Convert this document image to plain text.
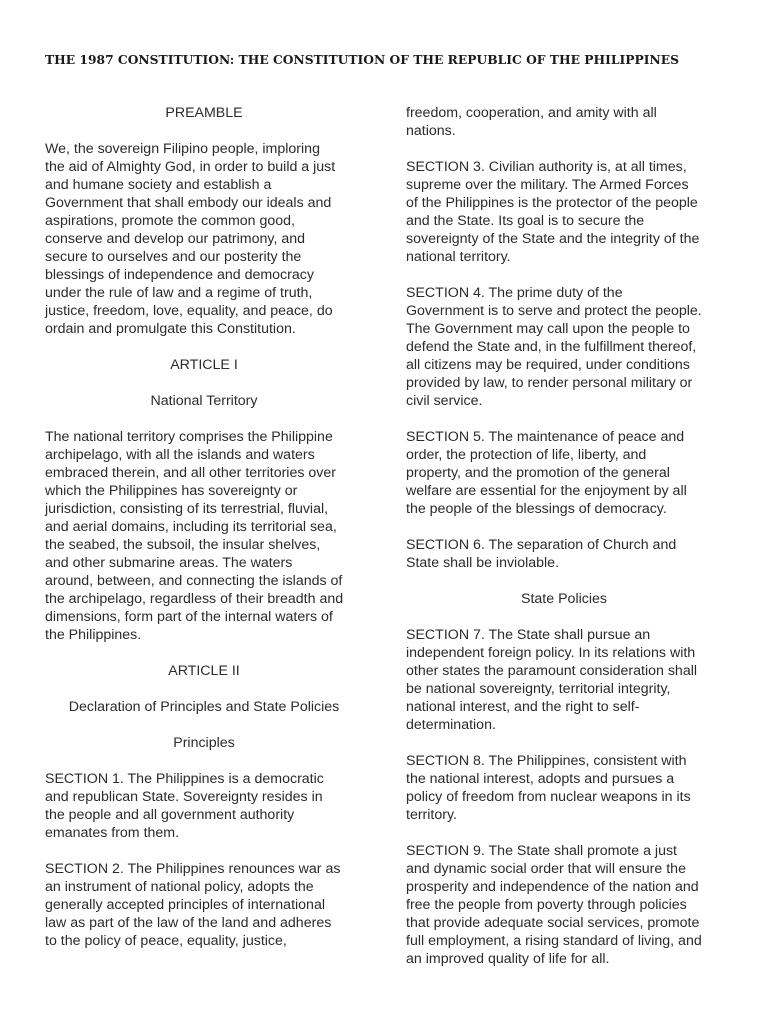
THE 1987 CONSTITUTION: THE CONSTITUTION OF THE REPUBLIC OF THE PHILIPPINES

PREAMBLE

We, the sovereign Filipino people, imploring
the aid of Almighty God, in order to build a just
and humane society and establish a
Government that shall embody our ideals and
aspirations, promote the common good,
conserve and develop our patrimony, and
secure to ourselves and our posterity the
blessings of independence and democracy
under the rule of law and a regime of truth,
justice, freedom, love, equality, and peace, do
ordain and promulgate this Constitution.

ARTICLE I

National Territory

The national territory comprises the Philippine
archipelago, with all the islands and waters
embraced therein, and all other territories over
which the Philippines has sovereignty or
jurisdiction, consisting of its terrestrial, fluvial,
and aerial domains, including its territorial sea,
the seabed, the subsoil, the insular shelves,
and other submarine areas. The waters
around, between, and connecting the islands of
the archipelago, regardless of their breadth and
dimensions, form part of the internal waters of
the Philippines.

ARTICLE II

Declaration of Principles and State Policies

Principles

SECTION 1. The Philippines is a democratic
and republican State. Sovereignty resides in
the people and all government authority
emanates from them.

SECTION 2. The Philippines renounces war as
an instrument of national policy, adopts the
generally accepted principles of international
law as part of the law of the land and adheres
to the policy of peace, equality, justice,

freedom, cooperation, and amity with all
nations.

SECTION 3. Civilian authority is, at all times,
supreme over the military. The Armed Forces
of the Philippines is the protector of the people
and the State. Its goal is to secure the
sovereignty of the State and the integrity of the
national territory.

SECTION 4. The prime duty of the
Government is to serve and protect the people.
The Government may call upon the people to
defend the State and, in the fulfillment thereof,
all citizens may be required, under conditions
provided by law, to render personal military or
civil service.

SECTION 5. The maintenance of peace and
order, the protection of life, liberty, and
property, and the promotion of the general
welfare are essential for the enjoyment by all
the people of the blessings of democracy.

SECTION 6. The separation of Church and
State shall be inviolable.

State Policies

SECTION 7. The State shall pursue an
independent foreign policy. In its relations with
other states the paramount consideration shall
be national sovereignty, territorial integrity,
national interest, and the right to self-
determination.

SECTION 8. The Philippines, consistent with
the national interest, adopts and pursues a
policy of freedom from nuclear weapons in its
territory.

SECTION 9. The State shall promote a just
and dynamic social order that will ensure the
prosperity and independence of the nation and
free the people from poverty through policies
that provide adequate social services, promote
full employment, a rising standard of living, and
an improved quality of life for all.
